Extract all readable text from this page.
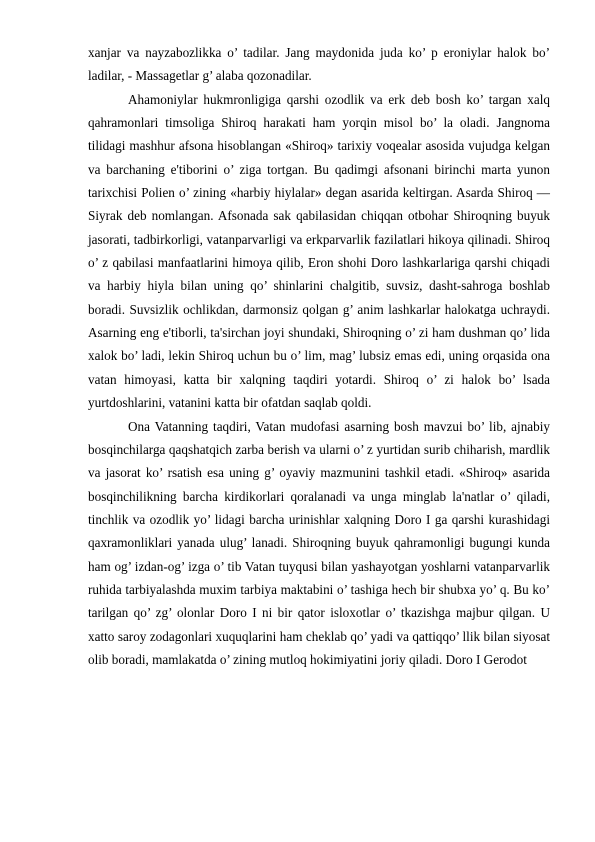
xanjar va nayzabozlikka o’ tadilar. Jang maydonida juda ko’ p eroniylar halok bo’ ladilar, - Massagetlar g’ alaba qozonadilar.

Ahamoniylar hukmronligiga qarshi ozodlik va erk deb bosh ko’ targan xalq qahramonlari timsoliga Shiroq harakati ham yorqin misol bo’ la oladi. Jangnoma tilidagi mashhur afsona hisoblangan «Shiroq» tarixiy voqealar asosida vujudga kelgan va barchaning e'tiborini o’ ziga tortgan. Bu qadimgi afsonani birinchi marta yunon tarixchisi Polien o’ zining «harbiy hiylalar» degan asarida keltirgan. Asarda Shiroq — Siyrak deb nomlangan. Afsonada sak qabilasidan chiqqan otbohar Shiroqning buyuk jasorati, tadbirkorligi, vatanparvarligi va erkparvarlik fazilatlari hikoya qilinadi. Shiroq o’ z qabilasi manfaatlarini himoya qilib, Eron shohi Doro lashkarlariga qarshi chiqadi va harbiy hiyla bilan uning qo’ shinlarini chalgitib, suvsiz, dasht-sahroga boshlab boradi. Suvsizlik ochlikdan, darmonsiz qolgan g’ anim lashkarlar halokatga uchraydi. Asarning eng e'tiborli, ta'sirchan joyi shundaki, Shiroqning o’ zi ham dushman qo’ lida xalok bo’ ladi, lekin Shiroq uchun bu o’ lim, mag’ lubsiz emas edi, uning orqasida ona vatan himoyasi, katta bir xalqning taqdiri yotardi. Shiroq o’ zi halok bo’ lsada yurtdoshlarini, vatanini katta bir ofatdan saqlab qoldi.

Ona Vatanning taqdiri, Vatan mudofasi asarning bosh mavzui bo’ lib, ajnabiy bosqinchilarga qaqshatqich zarba berish va ularni o’ z yurtidan surib chiharish, mardlik va jasorat ko’ rsatish esa uning g’ oyaviy mazmunini tashkil etadi. «Shiroq» asarida bosqinchilikning barcha kirdikorlari qoralanadi va unga minglab la'natlar o’ qiladi, tinchlik va ozodlik yo’ lidagi barcha urinishlar xalqning Doro I ga qarshi kurashidagi qaxramonliklari yanada ulug’ lanadi. Shiroqning buyuk qahramonligi bugungi kunda ham og’ izdan-og’ izga o’ tib Vatan tuyqusi bilan yashayotgan yoshlarni vatanparvarlik ruhida tarbiyalashda muxim tarbiya maktabini o’ tashiga hech bir shubxa yo’ q. Bu ko’ tarilgan qo’ zg’ olonlar Doro I ni bir qator isloxotlar o’ tkazishga majbur qilgan. U xatto saroy zodagonlari xuquqlarini ham cheklab qo’ yadi va qattiqqo’ llik bilan siyosat olib boradi, mamlakatda o’ zining mutloq hokimiyatini joriy qiladi. Doro I Gerodot
